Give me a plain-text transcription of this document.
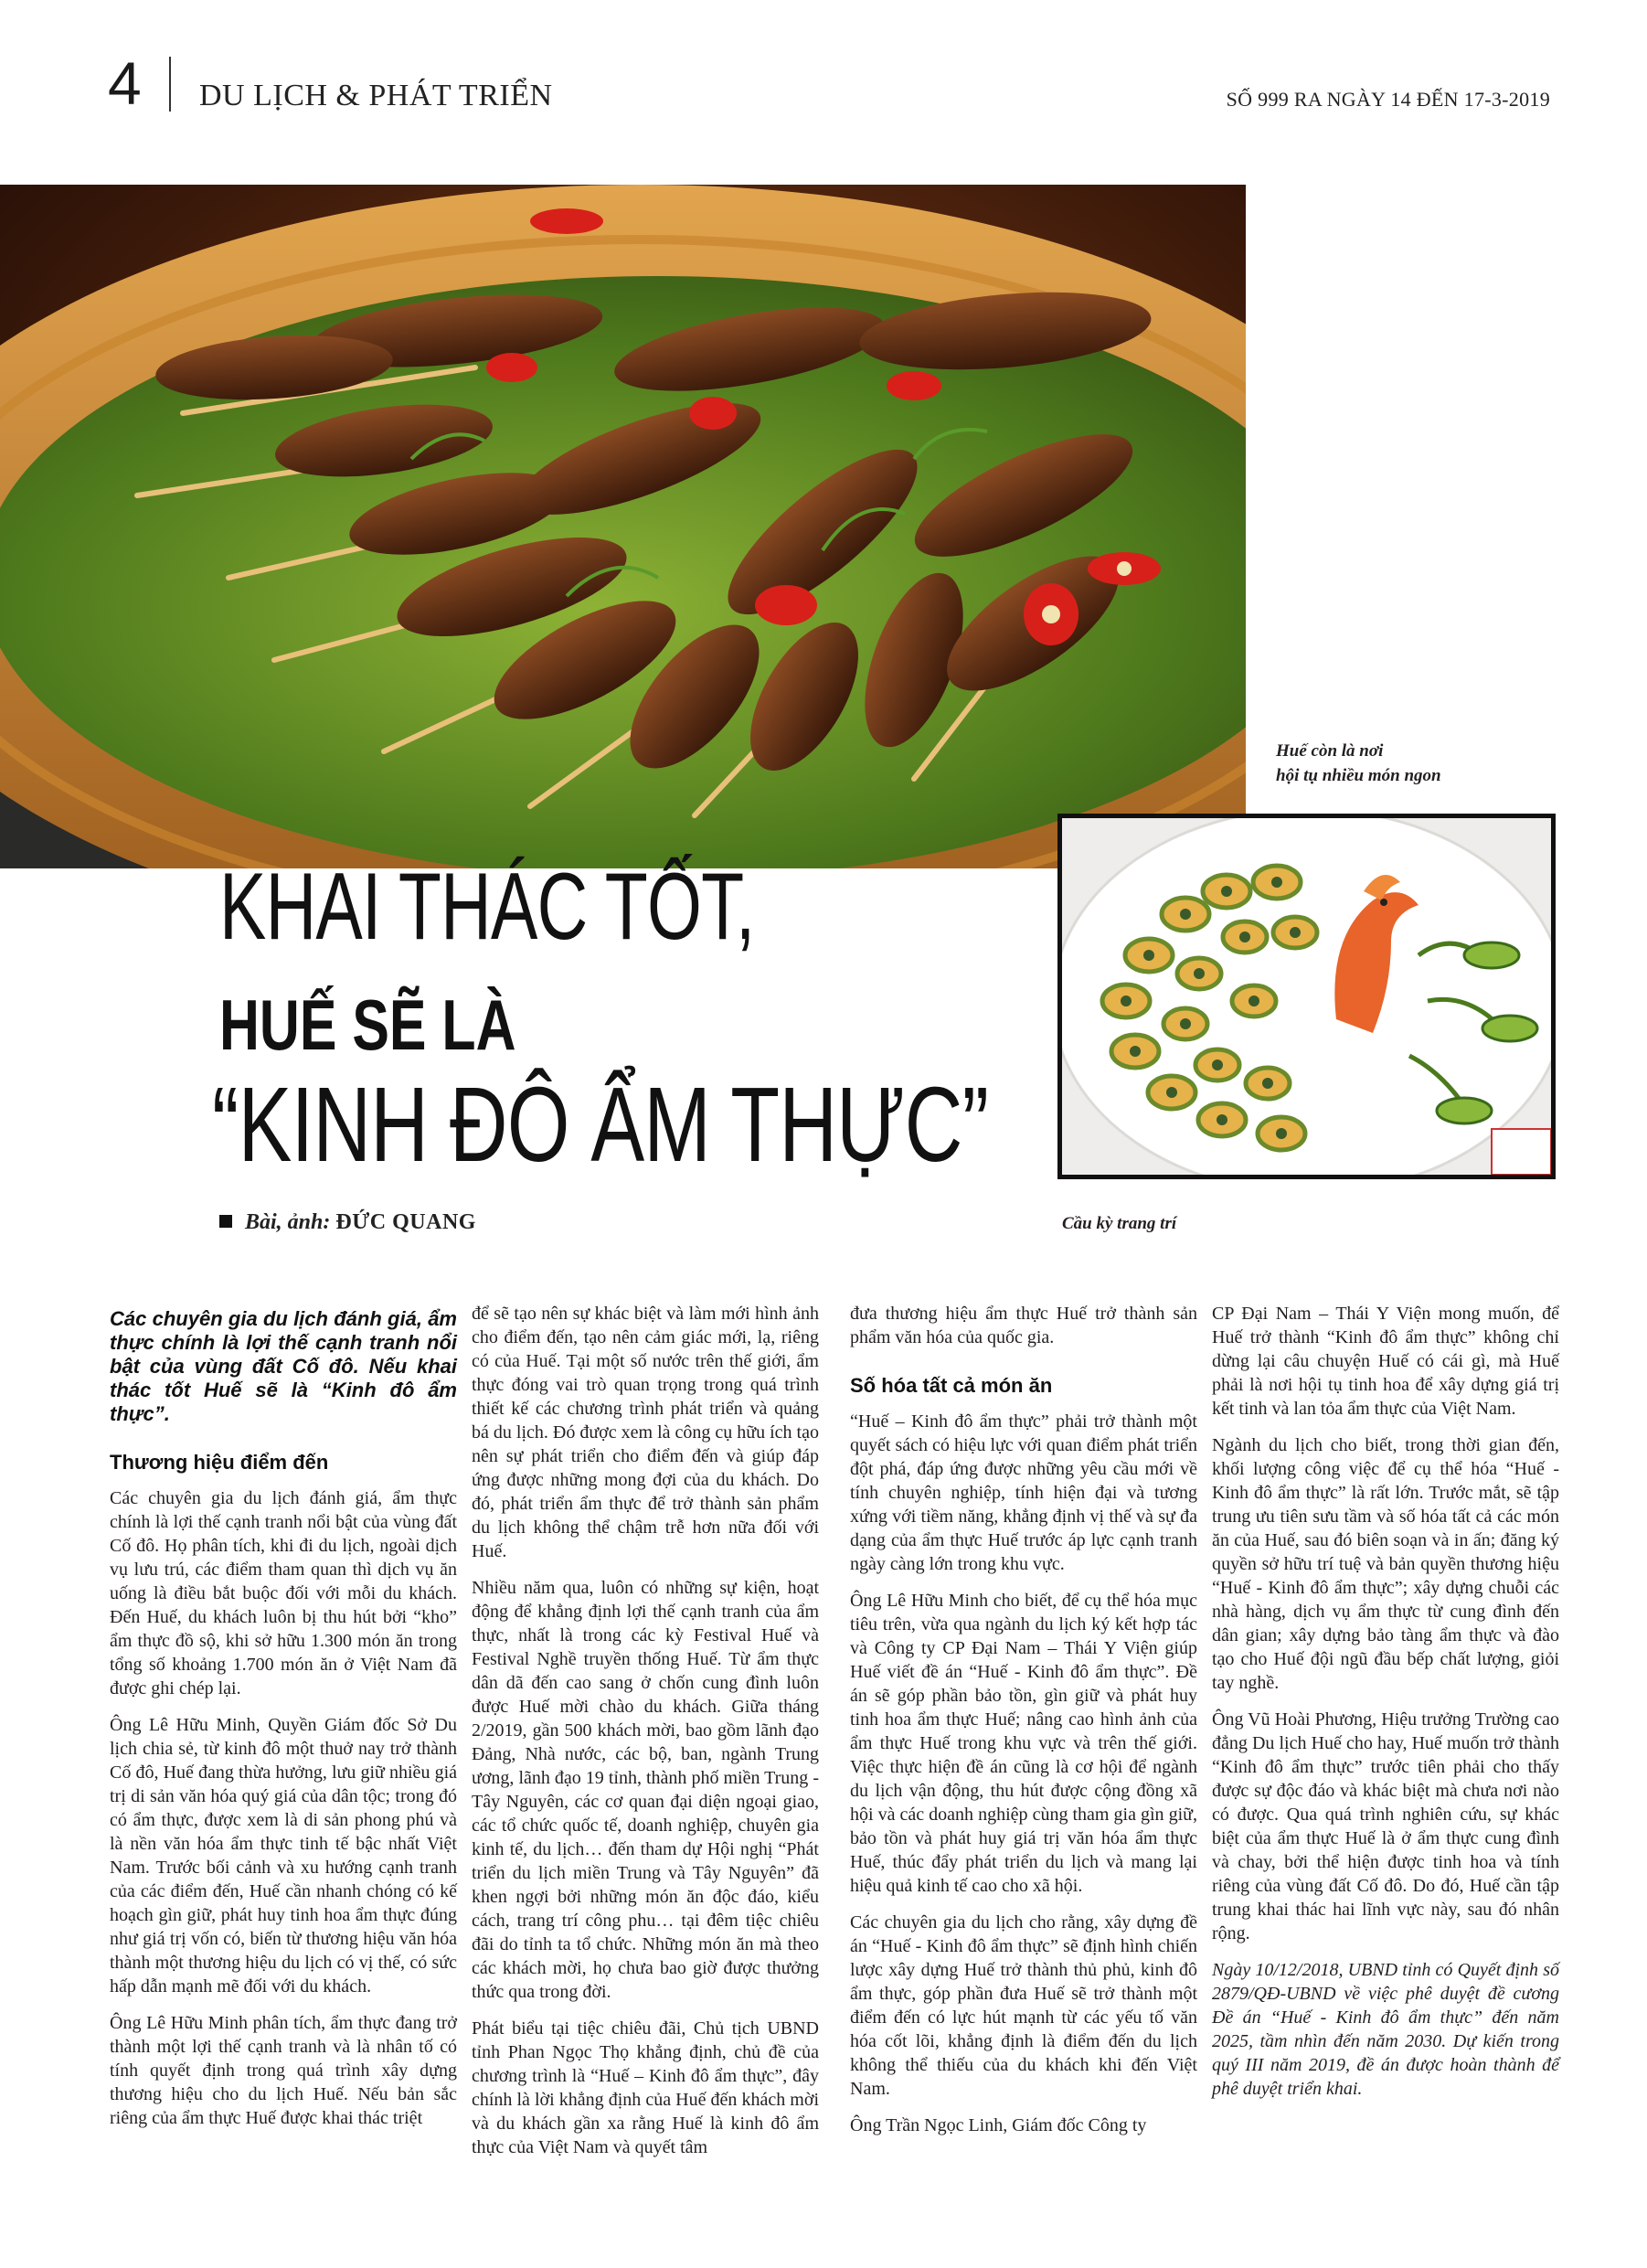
4 DU LỊCH & PHÁT TRIỂN	SỐ 999 RA NGÀY 14 ĐẾN 17-3-2019
Huế còn là nơi
hội tụ nhiều món ngon
Cầu kỳ trang trí
KHAI THÁC TỐT,
HUẾ SẼ LÀ
“KINH ĐÔ ẨM THỰC”
Bài, ảnh: ĐỨC QUANG

Các chuyên gia du lịch đánh giá, ẩm thực chính là lợi thế cạnh tranh nổi bật của vùng đất Cố đô. Nếu khai thác tốt Huế sẽ là “Kinh đô ẩm thực”.

Thương hiệu điểm đến

Các chuyên gia du lịch đánh giá, ẩm thực chính là lợi thế cạnh tranh nổi bật của vùng đất Cố đô. Họ phân tích, khi đi du lịch, ngoài dịch vụ lưu trú, các điểm tham quan thì dịch vụ ăn uống là điều bắt buộc đối với mỗi du khách. Đến Huế, du khách luôn bị thu hút bởi “kho” ẩm thực đồ sộ, khi sở hữu 1.300 món ăn trong tổng số khoảng 1.700 món ăn ở Việt Nam đã được ghi chép lại.

Ông Lê Hữu Minh, Quyền Giám đốc Sở Du lịch chia sẻ, từ kinh đô một thuở nay trở thành Cố đô, Huế đang thừa hưởng, lưu giữ nhiều giá trị di sản văn hóa quý giá của dân tộc; trong đó có ẩm thực, được xem là di sản phong phú và là nền văn hóa ẩm thực tinh tế bậc nhất Việt Nam. Trước bối cảnh và xu hướng cạnh tranh của các điểm đến, Huế cần nhanh chóng có kế hoạch gìn giữ, phát huy tinh hoa ẩm thực đúng như giá trị vốn có, biến từ thương hiệu văn hóa thành một thương hiệu du lịch có vị thế, có sức hấp dẫn mạnh mẽ đối với du khách.

Ông Lê Hữu Minh phân tích, ẩm thực đang trở thành một lợi thế cạnh tranh và là nhân tố có tính quyết định trong quá trình xây dựng thương hiệu cho du lịch Huế. Nếu bản sắc riêng của ẩm thực Huế được khai thác triệt

để sẽ tạo nên sự khác biệt và làm mới hình ảnh cho điểm đến, tạo nên cảm giác mới, lạ, riêng có của Huế. Tại một số nước trên thế giới, ẩm thực đóng vai trò quan trọng trong quá trình thiết kế các chương trình phát triển và quảng bá du lịch. Đó được xem là công cụ hữu ích tạo nên sự phát triển cho điểm đến và giúp đáp ứng được những mong đợi của du khách. Do đó, phát triển ẩm thực để trở thành sản phẩm du lịch không thể chậm trễ hơn nữa đối với Huế.

Nhiều năm qua, luôn có những sự kiện, hoạt động để khẳng định lợi thế cạnh tranh của ẩm thực, nhất là trong các kỳ Festival Huế và Festival Nghề truyền thống Huế. Từ ẩm thực dân dã đến cao sang ở chốn cung đình luôn được Huế mời chào du khách. Giữa tháng 2/2019, gần 500 khách mời, bao gồm lãnh đạo Đảng, Nhà nước, các bộ, ban, ngành Trung ương, lãnh đạo 19 tỉnh, thành phố miền Trung - Tây Nguyên, các cơ quan đại diện ngoại giao, các tổ chức quốc tế, doanh nghiệp, chuyên gia kinh tế, du lịch… đến tham dự Hội nghị “Phát triển du lịch miền Trung và Tây Nguyên” đã khen ngợi bởi những món ăn độc đáo, kiểu cách, trang trí công phu… tại đêm tiệc chiêu đãi do tỉnh ta tổ chức. Những món ăn mà theo các khách mời, họ chưa bao giờ được thưởng thức qua trong đời.

Phát biểu tại tiệc chiêu đãi, Chủ tịch UBND tỉnh Phan Ngọc Thọ khẳng định, chủ đề của chương trình là “Huế – Kinh đô ẩm thực”, đây chính là lời khẳng định của Huế đến khách mời và du khách gần xa rằng Huế là kinh đô ẩm thực của Việt Nam và quyết tâm

đưa thương hiệu ẩm thực Huế trở thành sản phẩm văn hóa của quốc gia.

Số hóa tất cả món ăn

“Huế – Kinh đô ẩm thực” phải trở thành một quyết sách có hiệu lực với quan điểm phát triển đột phá, đáp ứng được những yêu cầu mới về tính chuyên nghiệp, tính hiện đại và tương xứng với tiềm năng, khẳng định vị thế và sự đa dạng của ẩm thực Huế trước áp lực cạnh tranh ngày càng lớn trong khu vực.

Ông Lê Hữu Minh cho biết, để cụ thể hóa mục tiêu trên, vừa qua ngành du lịch ký kết hợp tác và Công ty CP Đại Nam – Thái Y Viện giúp Huế viết đề án “Huế - Kinh đô ẩm thực”. Đề án sẽ góp phần bảo tồn, gìn giữ và phát huy tinh hoa ẩm thực Huế; nâng cao hình ảnh của ẩm thực Huế trong khu vực và trên thế giới. Việc thực hiện đề án cũng là cơ hội để ngành du lịch vận động, thu hút được cộng đồng xã hội và các doanh nghiệp cùng tham gia gìn giữ, bảo tồn và phát huy giá trị văn hóa ẩm thực Huế, thúc đẩy phát triển du lịch và mang lại hiệu quả kinh tế cao cho xã hội.

Các chuyên gia du lịch cho rằng, xây dựng đề án “Huế - Kinh đô ẩm thực” sẽ định hình chiến lược xây dựng Huế trở thành thủ phủ, kinh đô ẩm thực, góp phần đưa Huế sẽ trở thành một điểm đến có lực hút mạnh từ các yếu tố văn hóa cốt lõi, khẳng định là điểm đến du lịch không thể thiếu của du khách khi đến Việt Nam.

Ông Trần Ngọc Linh, Giám đốc Công ty

CP Đại Nam – Thái Y Viện mong muốn, để Huế trở thành “Kinh đô ẩm thực” không chỉ dừng lại câu chuyện Huế có cái gì, mà Huế phải là nơi hội tụ tinh hoa để xây dựng giá trị kết tinh và lan tỏa ẩm thực của Việt Nam.

Ngành du lịch cho biết, trong thời gian đến, khối lượng công việc để cụ thể hóa “Huế - Kinh đô ẩm thực” là rất lớn. Trước mắt, sẽ tập trung ưu tiên sưu tầm và số hóa tất cả các món ăn của Huế, sau đó biên soạn và in ấn; đăng ký quyền sở hữu trí tuệ và bản quyền thương hiệu “Huế - Kinh đô ẩm thực”; xây dựng chuỗi các nhà hàng, dịch vụ ẩm thực từ cung đình đến dân gian; xây dựng bảo tàng ẩm thực và đào tạo cho Huế đội ngũ đầu bếp chất lượng, giỏi tay nghề.

Ông Vũ Hoài Phương, Hiệu trưởng Trường cao đẳng Du lịch Huế cho hay, Huế muốn trở thành “Kinh đô ẩm thực” trước tiên phải cho thấy được sự độc đáo và khác biệt mà chưa nơi nào có được. Qua quá trình nghiên cứu, sự khác biệt của ẩm thực Huế là ở ẩm thực cung đình và chay, bởi thể hiện được tinh hoa và tính riêng của vùng đất Cố đô. Do đó, Huế cần tập trung khai thác hai lĩnh vực này, sau đó nhân rộng.

Ngày 10/12/2018, UBND tỉnh có Quyết định số 2879/QĐ-UBND về việc phê duyệt đề cương Đề án “Huế - Kinh đô ẩm thực” đến năm 2025, tầm nhìn đến năm 2030. Dự kiến trong quý III năm 2019, đề án được hoàn thành để phê duyệt triển khai.
